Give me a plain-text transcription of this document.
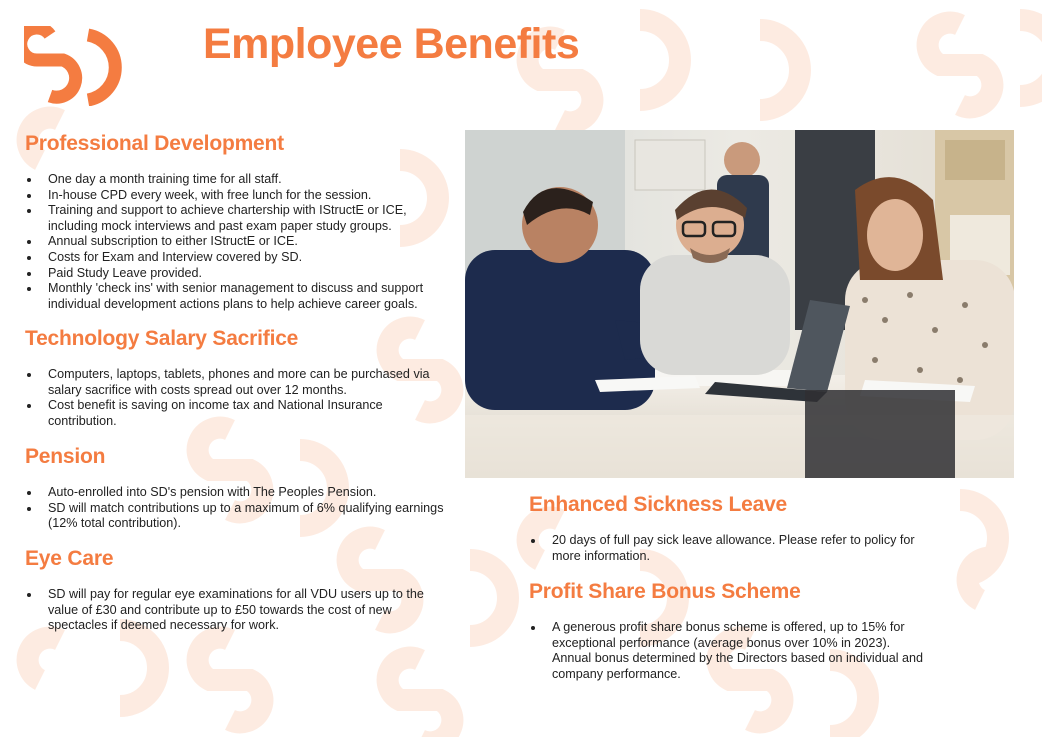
Employee Benefits
Professional Development
One day a month training time for all staff.
In-house CPD every week, with free lunch for the session.
Training and support to achieve chartership with IStructE or ICE, including mock interviews and past exam paper study groups.
Annual subscription to either IStructE or ICE.
Costs for Exam and Interview covered by SD.
Paid Study Leave provided.
Monthly 'check ins' with senior management to discuss and support individual development actions plans to help achieve career goals.
Technology Salary Sacrifice
Computers, laptops, tablets, phones and more can be purchased via salary sacrifice with costs spread out over 12 months.
Cost benefit is saving on income tax and National Insurance contribution.
Pension
Auto-enrolled into SD's pension with The Peoples Pension.
SD will match contributions up to a maximum of 6% qualifying earnings (12% total contribution).
Eye Care
SD will pay for regular eye examinations for all VDU users up to the value of £30 and contribute up to £50 towards the cost of new spectacles if deemed necessary for work.
Enhanced Sickness Leave
20 days of full pay sick leave allowance. Please refer to policy for more information.
Profit Share Bonus Scheme
A generous profit share bonus scheme is offered, up to 15% for exceptional performance (average bonus over 10% in 2023). Annual bonus determined by the Directors based on individual and company performance.
